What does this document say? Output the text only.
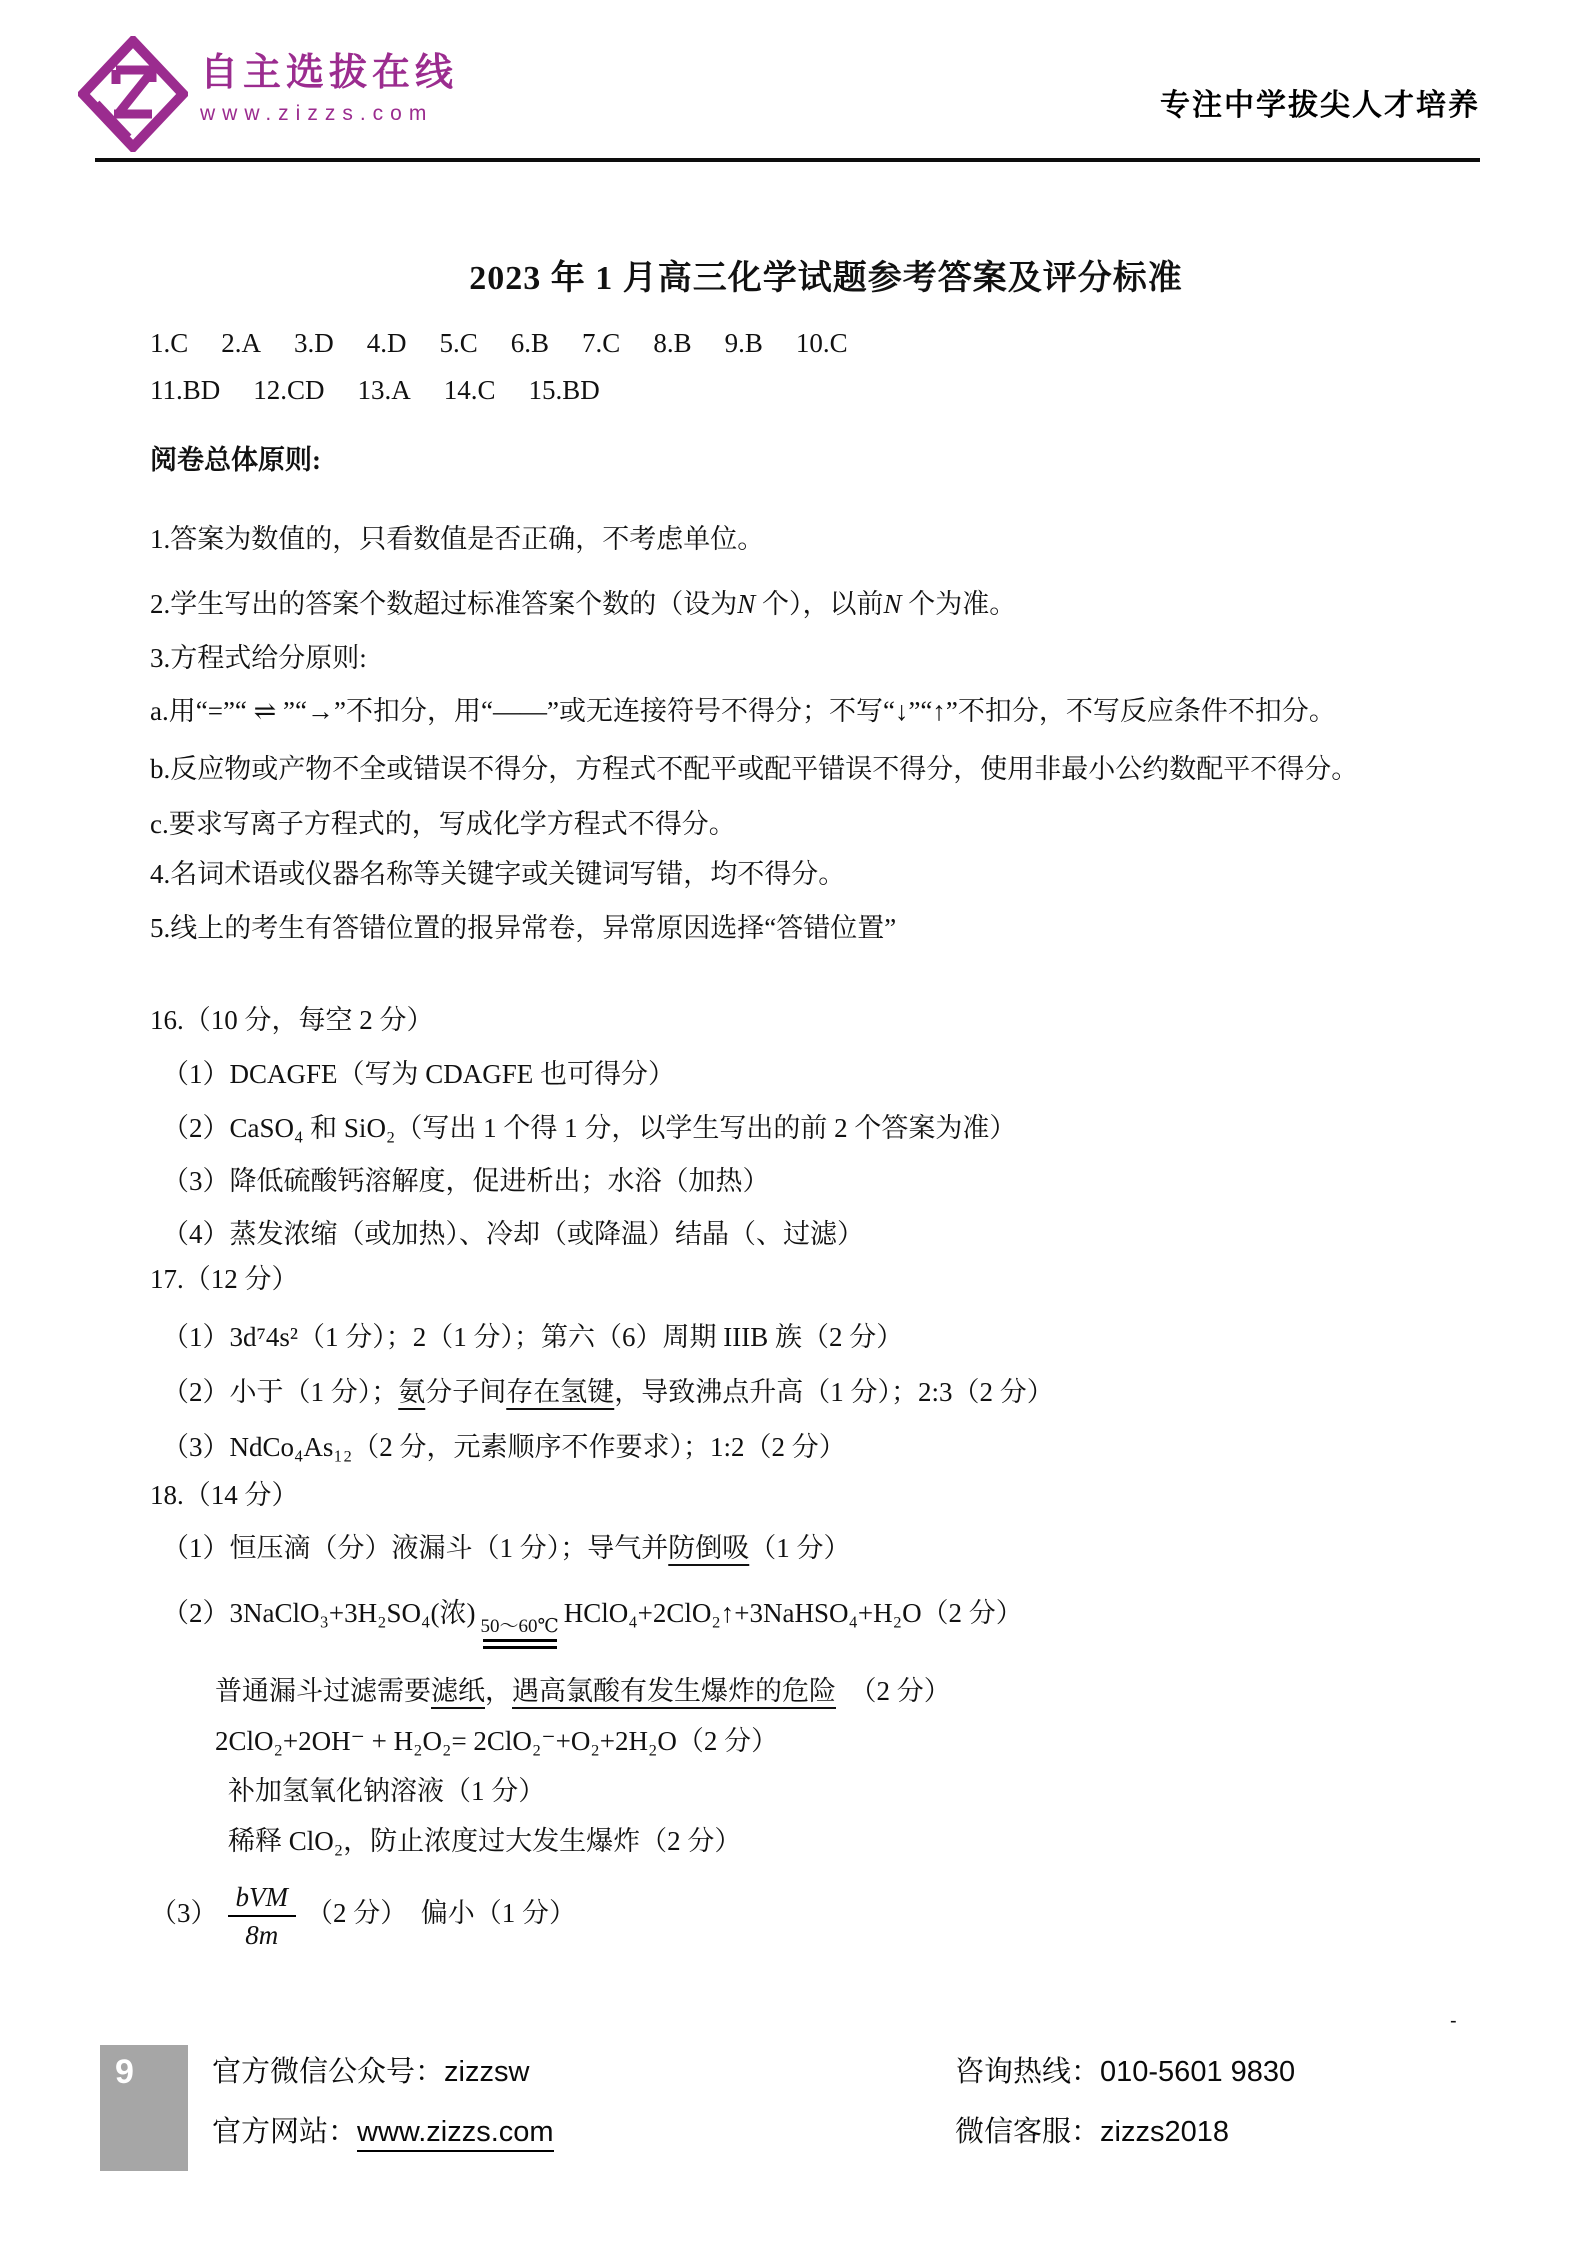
自主选拔在线
www.zizzs.com	专注中学拔尖人才培养
2023 年 1 月高三化学试题参考答案及评分标准
1.C 2.A 3.D 4.D 5.C 6.B 7.C 8.B 9.B 10.C
11.BD 12.CD 13.A 14.C 15.BD

阅卷总体原则:

1.答案为数值的，只看数值是否正确，不考虑单位。

2.学生写出的答案个数超过标准答案个数的（设为N 个），以前N 个为准。

3.方程式给分原则:

a.用“=”“ ⇌ ”“→”不扣分，用“——”或无连接符号不得分；不写“↓”“↑”不扣分，不写反应条件不扣分。

b.反应物或产物不全或错误不得分，方程式不配平或配平错误不得分，使用非最小公约数配平不得分。

c.要求写离子方程式的，写成化学方程式不得分。

4.名词术语或仪器名称等关键字或关键词写错，均不得分。

5.线上的考生有答错位置的报异常卷，异常原因选择“答错位置”

16.（10 分，每空 2 分）

（1）DCAGFE（写为 CDAGFE 也可得分）

（2）CaSO₄ 和 SiO₂（写出 1 个得 1 分，以学生写出的前 2 个答案为准）

（3）降低硫酸钙溶解度，促进析出；水浴（加热）

（4）蒸发浓缩（或加热）、冷却（或降温）结晶（、过滤）

17.（12 分）

（1）3d⁷4s²（1 分）；2（1 分）；第六（6）周期 IIIB 族（2 分）

（2）小于（1 分）；氨分子间存在氢键，导致沸点升高（1 分）；2:3（2 分）

（3）NdCo₄As₁₂（2 分，元素顺序不作要求）；1:2（2 分）

18.（14 分）

（1）恒压滴（分）液漏斗（1 分）；导气并防倒吸（1 分）

（2）3NaClO₃+3H₂SO₄(浓) 50～60℃ HClO₄+2ClO₂↑+3NaHSO₄+H₂O（2 分）

普通漏斗过滤需要滤纸，遇高氯酸有发生爆炸的危险　（2 分）

2ClO₂+2OH⁻ + H₂O₂= 2ClO₂⁻+O₂+2H₂O（2 分）

补加氢氧化钠溶液（1 分）

稀释 ClO₂，防止浓度过大发生爆炸（2 分）

$(3) \frac{\text{bVM}}{8m} (2$ 分）　偏小（1 分）

-
9	官方微信公众号：zizzsw
官方网站：www.zizzs.com
咨询热线：010-5601 9830
微信客服：zizzs2018
